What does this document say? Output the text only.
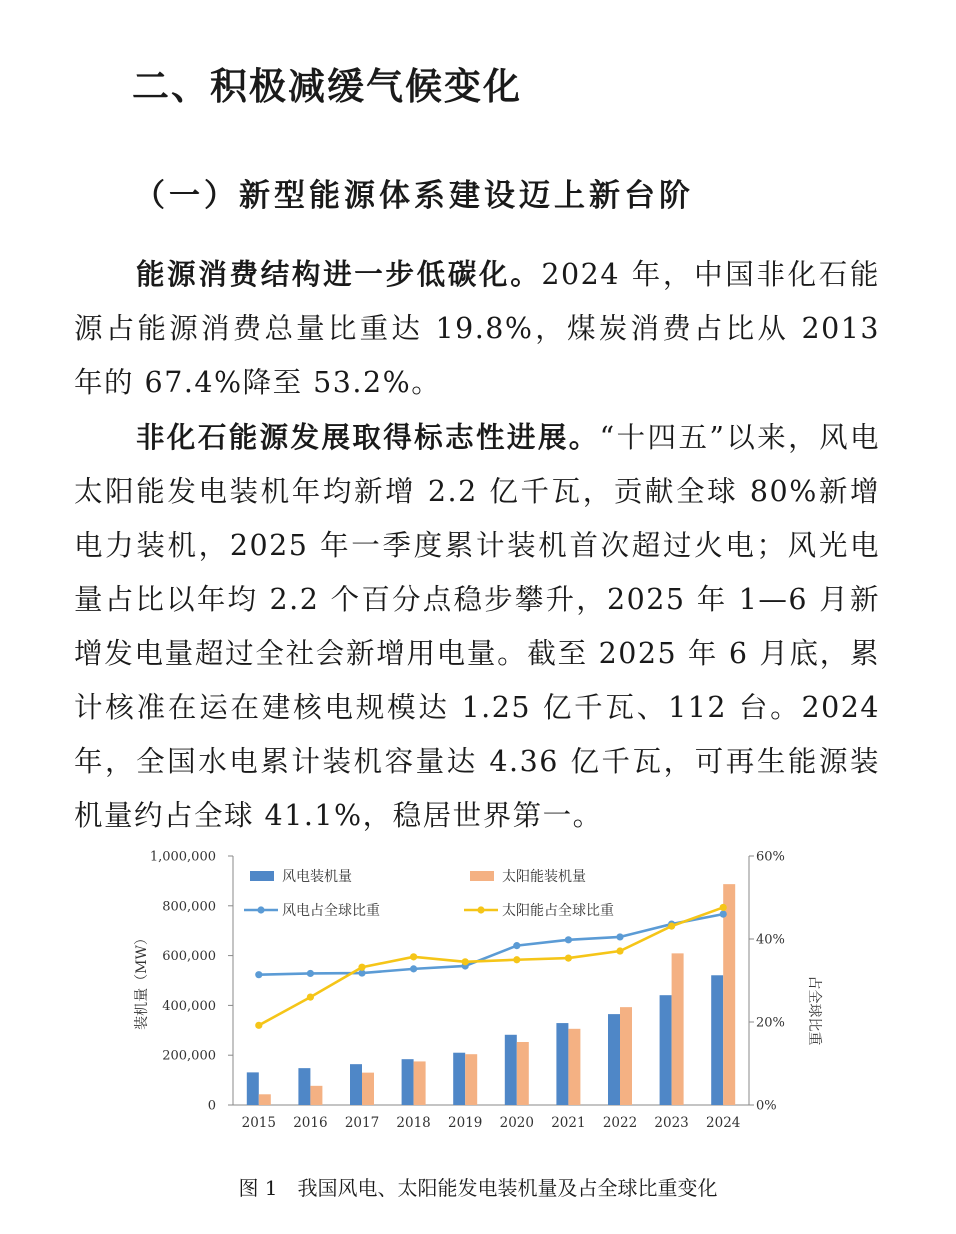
二、积极减缓气候变化
（一）新型能源体系建设迈上新台阶
能源消费结构进一步低碳化。2024 年，中国非化石能源占能源消费总量比重达 19.8%，煤炭消费占比从 2013 年的 67.4%降至 53.2%。
非化石能源发展取得标志性进展。“十四五”以来，风电太阳能发电装机年均新增 2.2 亿千瓦，贡献全球 80%新增电力装机，2025 年一季度累计装机首次超过火电；风光电量占比以年均 2.2 个百分点稳步攀升，2025 年 1—6 月新增发电量超过全社会新增用电量。截至 2025 年 6 月底，累计核准在运在建核电规模达 1.25 亿千瓦、112 台。2024 年，全国水电累计装机容量达 4.36 亿千瓦，可再生能源装机量约占全球 41.1%，稳居世界第一。
0
200,000
400,000
600,000
800,000
1,000,000
0%
20%
40%
60%
装机量（MW）	占全球比重
2015 2016 2017 2018 2019 2020 2021 2022 2023 2024
风电装机量	太阳能装机量
风电占全球比重	太阳能占全球比重
图 1 我国风电、太阳能发电装机量及占全球比重变化
